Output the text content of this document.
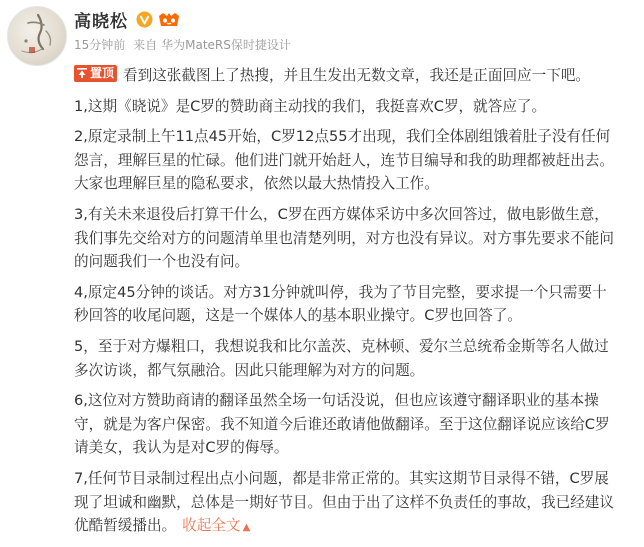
高晓松
15分钟前 来自 华为MateRS保时捷设计

置顶 看到这张截图上了热搜，并且生发出无数文章，我还是正面回应一下吧。

1,这期《晓说》是C罗的赞助商主动找的我们，我挺喜欢C罗，就答应了。

2,原定录制上午11点45开始，C罗12点55才出现，我们全体剧组饿着肚子没有任何怨言，理解巨星的忙碌。他们进门就开始赶人，连节目编导和我的助理都被赶出去。大家也理解巨星的隐私要求，依然以最大热情投入工作。

3,有关未来退役后打算干什么，C罗在西方媒体采访中多次回答过，做电影做生意，我们事先交给对方的问题清单里也清楚列明，对方也没有异议。对方事先要求不能问的问题我们一个也没有问。

4,原定45分钟的谈话。对方31分钟就叫停，我为了节目完整，要求提一个只需要十秒回答的收尾问题，这是一个媒体人的基本职业操守。C罗也回答了。

5，至于对方爆粗口，我想说我和比尔盖茨、克林顿、爱尔兰总统希金斯等名人做过多次访谈，都气氛融洽。因此只能理解为对方的问题。

6,这位对方赞助商请的翻译虽然全场一句话没说，但也应该遵守翻译职业的基本操守，就是为客户保密。我不知道今后谁还敢请他做翻译。至于这位翻译说应该给C罗请美女，我认为是对C罗的侮辱。

7,任何节目录制过程出点小问题，都是非常正常的。其实这期节目录得不错，C罗展现了坦诚和幽默，总体是一期好节目。但由于出了这样不负责任的事故，我已经建议优酷暂缓播出。 收起全文 ▲
